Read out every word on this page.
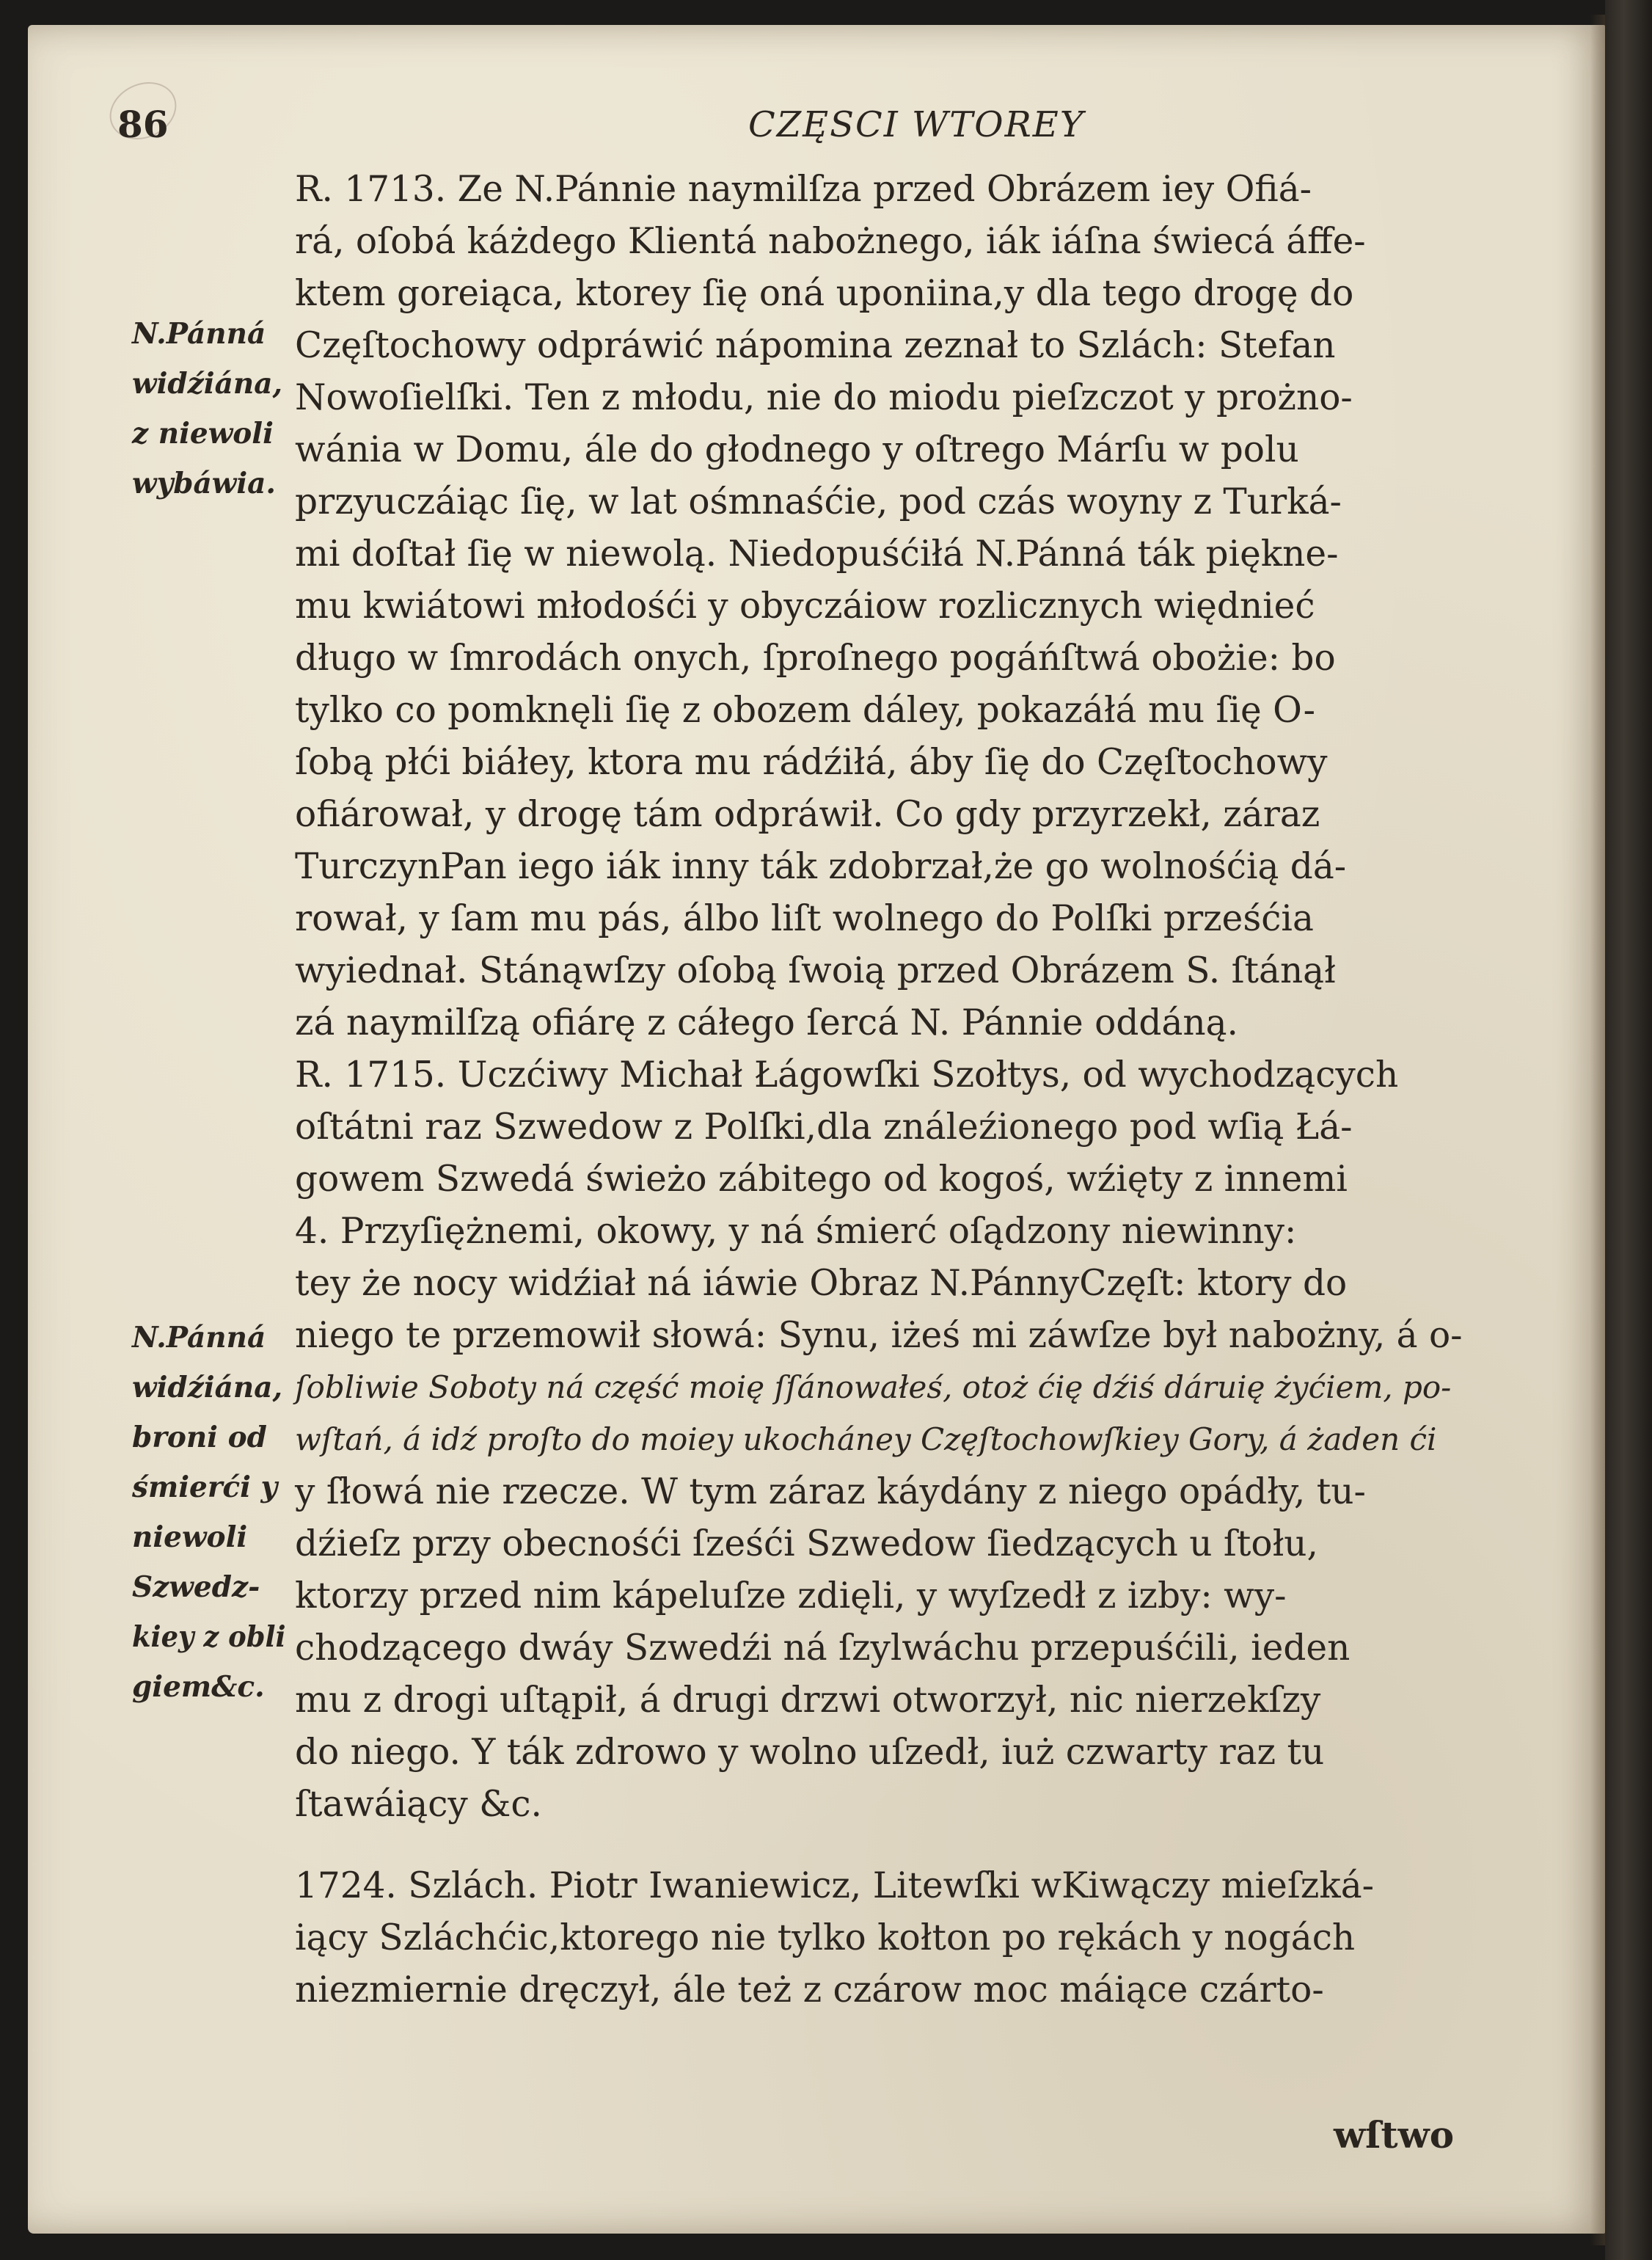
86	CZĘSCI WTOREY
N.Pánná
widźiána,
z niewoli
wybáwia.
N.Pánná
widźiána,
broni od
śmierći y
niewoli
Szwedz-
kiey z obli
giem&c.
R. 1713. Ze N.Pánnie naymilſza przed Obrázem iey Ofiá-
rá, oſobá káżdego Klientá nabożnego, iák iáſna świecá áffe-
ktem goreiąca, ktorey ſię oná uponiina,y dla tego drogę do
Częſtochowy odpráwić nápomina zeznał to Szlách: Stefan
Nowoſielſki. Ten z młodu, nie do miodu pieſzczot y prożno-
wánia w Domu, ále do głodnego y oſtrego Márſu w polu
przyuczáiąc ſię, w lat ośmnaśćie, pod czás woyny z Turká-
mi doſtał ſię w niewolą. Niedopuśćiłá N.Pánná ták piękne-
mu kwiátowi młodośći y obyczáiow rozlicznych więdnieć
długo w ſmrodách onych, ſproſnego pogáńſtwá obożie: bo
tylko co pomknęli ſię z obozem dáley, pokazáłá mu ſię O-
ſobą płći biáłey, ktora mu rádźiłá, áby ſię do Częſtochowy
ofiárował, y drogę tám odpráwił. Co gdy przyrzekł, záraz
TurczynPan iego iák inny ták zdobrzał,że go wolnośćią dá-
rował, y ſam mu pás, álbo liſt wolnego do Polſki prześćia
wyiednał. Stánąwſzy oſobą ſwoią przed Obrázem S. ſtánął
zá naymilſzą ofiárę z cáłego ſercá N. Pánnie oddáną.
R. 1715. Uczćiwy Michał Łágowſki Szołtys, od wychodzących
oſtátni raz Szwedow z Polſki,dla ználeźionego pod wſią Łá-
gowem Szwedá świeżo zábitego od kogoś, wźięty z innemi
4. Przyſiężnemi, okowy, y ná śmierć oſądzony niewinny:
tey że nocy widźiał ná iáwie Obraz N.PánnyCzęſt: ktory do
niego te przemowił słowá: Synu, iżeś mi záwſze był nabożny, á o-
ſobliwie Soboty ná część moię ſſánowałeś, otoż ćię dźiś dáruię żyćiem, po-
wſtań, á idź proſto do moiey ukocháney Częſtochowſkiey Gory, á żaden ći
y ſłowá nie rzecze. W tym záraz káydány z niego opádły, tu-
dźieſz przy obecnośći ſześći Szwedow ſiedzących u ſtołu,
ktorzy przed nim kápeluſze zdięli, y wyſzedł z izby: wy-
chodzącego dwáy Szwedźi ná ſzylwáchu przepuśćili, ieden
mu z drogi uſtąpił, á drugi drzwi otworzył, nic nierzekſzy
do niego. Y ták zdrowo y wolno uſzedł, iuż czwarty raz tu
ſtawáiący &c.
1724. Szlách. Piotr Iwaniewicz, Litewſki wKiwączy mieſzká-
iący Szláchćic,ktorego nie tylko kołton po rękách y nogách
niezmiernie dręczył, ále też z czárow moc máiące czárto-
wſtwo
